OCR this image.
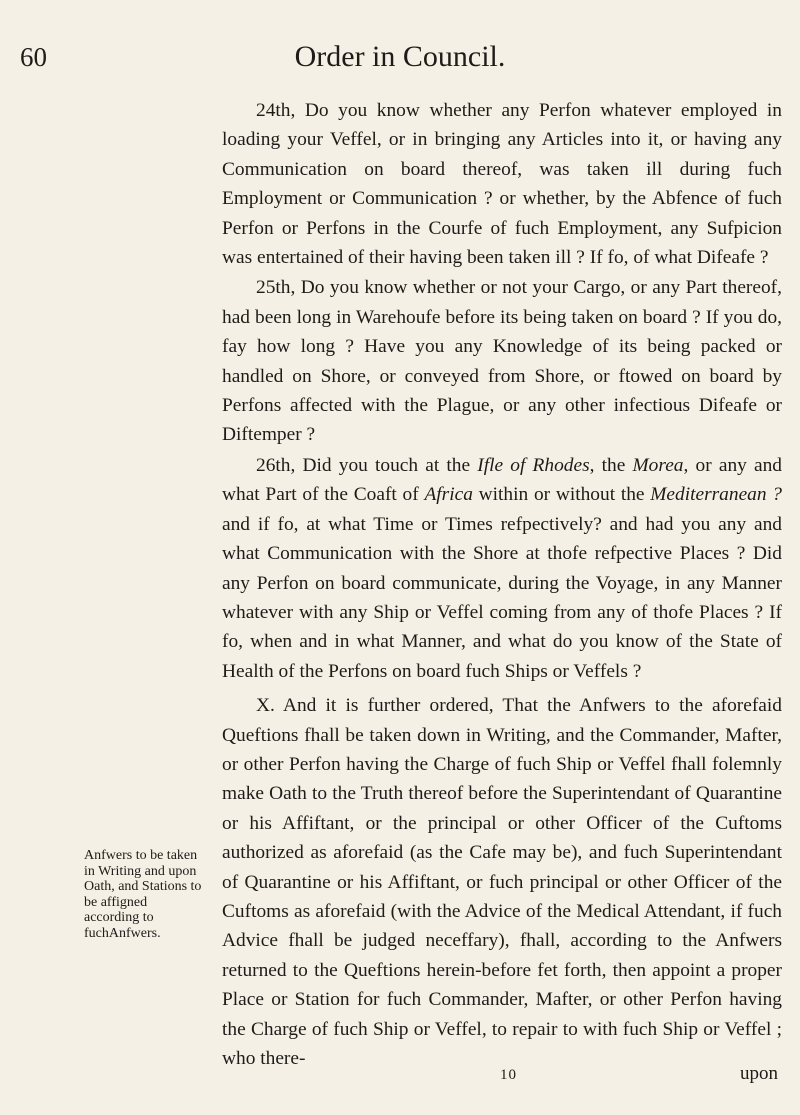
60	Order in Council.

24th, Do you know whether any Perfon whatever employed in loading your Veffel, or in bringing any Articles into it, or having any Communication on board thereof, was taken ill during fuch Employment or Communication ? or whether, by the Abfence of fuch Perfon or Perfons in the Courfe of fuch Employment, any Sufpicion was entertained of their having been taken ill ? If fo, of what Difeafe ?

25th, Do you know whether or not your Cargo, or any Part thereof, had been long in Warehoufe before its being taken on board ? If you do, fay how long ? Have you any Knowledge of its being packed or handled on Shore, or conveyed from Shore, or ftowed on board by Perfons affected with the Plague, or any other infectious Difeafe or Diftemper ?

26th, Did you touch at the Ifle of Rhodes, the Morea, or any and what Part of the Coaft of Africa within or without the Mediterranean ? and if fo, at what Time or Times refpectively? and had you any and what Communication with the Shore at thofe refpective Places ? Did any Perfon on board communicate, during the Voyage, in any Manner whatever with any Ship or Veffel coming from any of thofe Places ? If fo, when and in what Manner, and what do you know of the State of Health of the Perfons on board fuch Ships or Veffels ?

X. And it is further ordered, That the Anfwers to the aforefaid Queftions fhall be taken down in Writing, and the Commander, Mafter, or other Perfon having the Charge of fuch Ship or Veffel fhall folemnly make Oath to the Truth thereof before the Superintendant of Quarantine or his Affiftant, or the principal or other Officer of the Cuftoms authorized as aforefaid (as the Cafe may be), and fuch Superintendant of Quarantine or his Affiftant, or fuch principal or other Officer of the Cuftoms as aforefaid (with the Advice of the Medical Attendant, if fuch Advice fhall be judged neceffary), fhall, according to the Anfwers returned to the Queftions herein-before fet forth, then appoint a proper Place or Station for fuch Commander, Mafter, or other Perfon having the Charge of fuch Ship or Veffel, to repair to with fuch Ship or Veffel ; who there-

Anfwers to be taken in Writing and upon Oath, and Stations to be affigned according to fuchAnfwers.
10	upon
